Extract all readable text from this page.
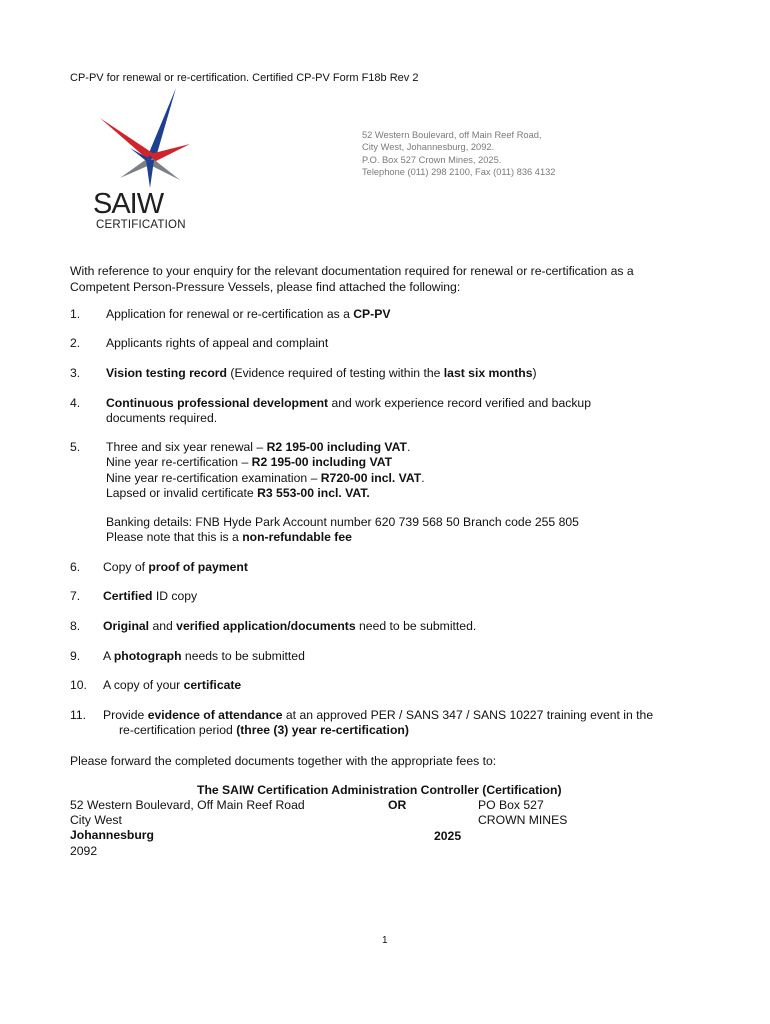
CP-PV for renewal or re-certification. Certified CP-PV Form F18b Rev 2
SAIW
CERTIFICATION
52 Western Boulevard, off Main Reef Road,
City West, Johannesburg, 2092.
P.O. Box 527 Crown Mines, 2025.
Telephone (011) 298 2100, Fax (011) 836 4132
With reference to your enquiry for the relevant documentation required for renewal or re-certification as a
Competent Person-Pressure Vessels, please find attached the following:
1. Application for renewal or re-certification as a CP-PV
2. Applicants rights of appeal and complaint
3. Vision testing record (Evidence required of testing within the last six months)
4. Continuous professional development and work experience record verified and backup
documents required.
5. Three and six year renewal – R2 195-00 including VAT.
Nine year re-certification – R2 195-00 including VAT
Nine year re-certification examination – R720-00 incl. VAT.
Lapsed or invalid certificate R3 553-00 incl. VAT.
Banking details: FNB Hyde Park Account number 620 739 568 50 Branch code 255 805
Please note that this is a non-refundable fee
6. Copy of proof of payment
7. Certified ID copy
8. Original and verified application/documents need to be submitted.
9. A photograph needs to be submitted
10. A copy of your certificate
11. Provide evidence of attendance at an approved PER / SANS 347 / SANS 10227 training event in the
re-certification period (three (3) year re-certification)
Please forward the completed documents together with the appropriate fees to:
The SAIW Certification Administration Controller (Certification)
52 Western Boulevard, Off Main Reef Road
City West
Johannesburg
2092
OR	PO Box 527
CROWN MINES
2025
1
